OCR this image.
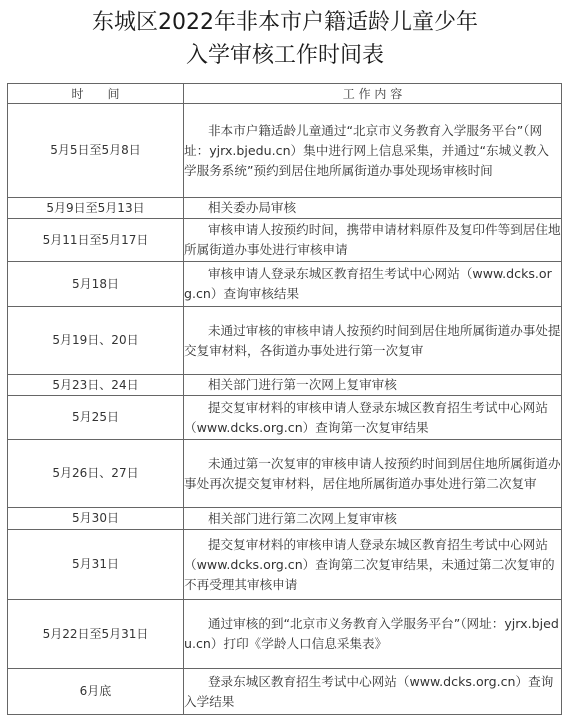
东城区2022年非本市户籍适龄儿童少年
入学审核工作时间表
时　　间	工 作 内 容
5月5日至5月8日	非本市户籍适龄儿童通过“北京市义务教育入学服务平台”（网址：yjrx.bjedu.cn）集中进行网上信息采集，并通过“东城义教入学服务系统”预约到居住地所属街道办事处现场审核时间

5月9日至5月13日	相关委办局审核

5月11日至5月17日	审核申请人按预约时间，携带申请材料原件及复印件等到居住地所属街道办事处进行审核申请

5月18日	审核申请人登录东城区教育招生考试中心网站（www.dcks.org.cn）查询审核结果

5月19日、20日	未通过审核的审核申请人按预约时间到居住地所属街道办事处提交复审材料，各街道办事处进行第一次复审

5月23日、24日	相关部门进行第一次网上复审审核

5月25日	提交复审材料的审核申请人登录东城区教育招生考试中心网站（www.dcks.org.cn）查询第一次复审结果

5月26日、27日	未通过第一次复审的审核申请人按预约时间到居住地所属街道办事处再次提交复审材料，居住地所属街道办事处进行第二次复审

5月30日	相关部门进行第二次网上复审审核

5月31日	提交复审材料的审核申请人登录东城区教育招生考试中心网站（www.dcks.org.cn）查询第二次复审结果，未通过第二次复审的不再受理其审核申请

5月22日至5月31日	通过审核的到“北京市义务教育入学服务平台”（网址：yjrx.bjedu.cn）打印《学龄人口信息采集表》

6月底	登录东城区教育招生考试中心网站（www.dcks.org.cn）查询入学结果
